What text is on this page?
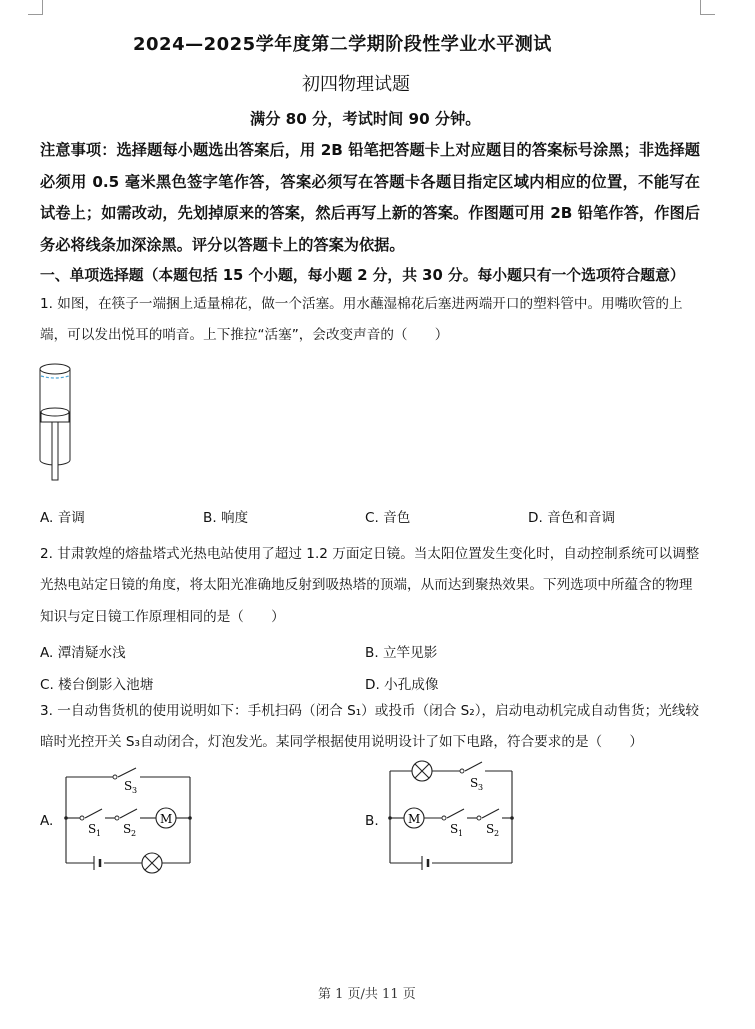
2024—2025学年度第二学期阶段性学业水平测试
初四物理试题
满分 80 分，考试时间 90 分钟。
注意事项：选择题每小题选出答案后，用 2B 铅笔把答题卡上对应题目的答案标号涂黑；非选择题必须用 0.5 毫米黑色签字笔作答，答案必须写在答题卡各题目指定区域内相应的位置，不能写在试卷上；如需改动，先划掉原来的答案，然后再写上新的答案。作图题可用 2B 铅笔作答，作图后务必将线条加深涂黑。评分以答题卡上的答案为依据。
一、单项选择题（本题包括 15 个小题，每小题 2 分，共 30 分。每小题只有一个选项符合题意）
1. 如图，在筷子一端捆上适量棉花，做一个活塞。用水蘸湿棉花后塞进两端开口的塑料管中。用嘴吹管的上端，可以发出悦耳的哨音。上下推拉“活塞”，会改变声音的（　　）
A. 音调	B. 响度	C. 音色	D. 音色和音调
2. 甘肃敦煌的熔盐塔式光热电站使用了超过 1.2 万面定日镜。当太阳位置发生变化时，自动控制系统可以调整光热电站定日镜的角度，将太阳光准确地反射到吸热塔的顶端，从而达到聚热效果。下列选项中所蕴含的物理知识与定日镜工作原理相同的是（　　）
A. 潭清疑水浅	B. 立竿见影
C. 楼台倒影入池塘	D. 小孔成像
3. 一自动售货机的使用说明如下：手机扫码（闭合 S₁）或投币（闭合 S₂），启动电动机完成自动售货；光线较暗时光控开关 S₃自动闭合，灯泡发光。某同学根据使用说明设计了如下电路，符合要求的是（　　）
A.
S 3
S 1 S 2
M	B. M
S 3
S 1 S 2
第 1 页/共 11 页
